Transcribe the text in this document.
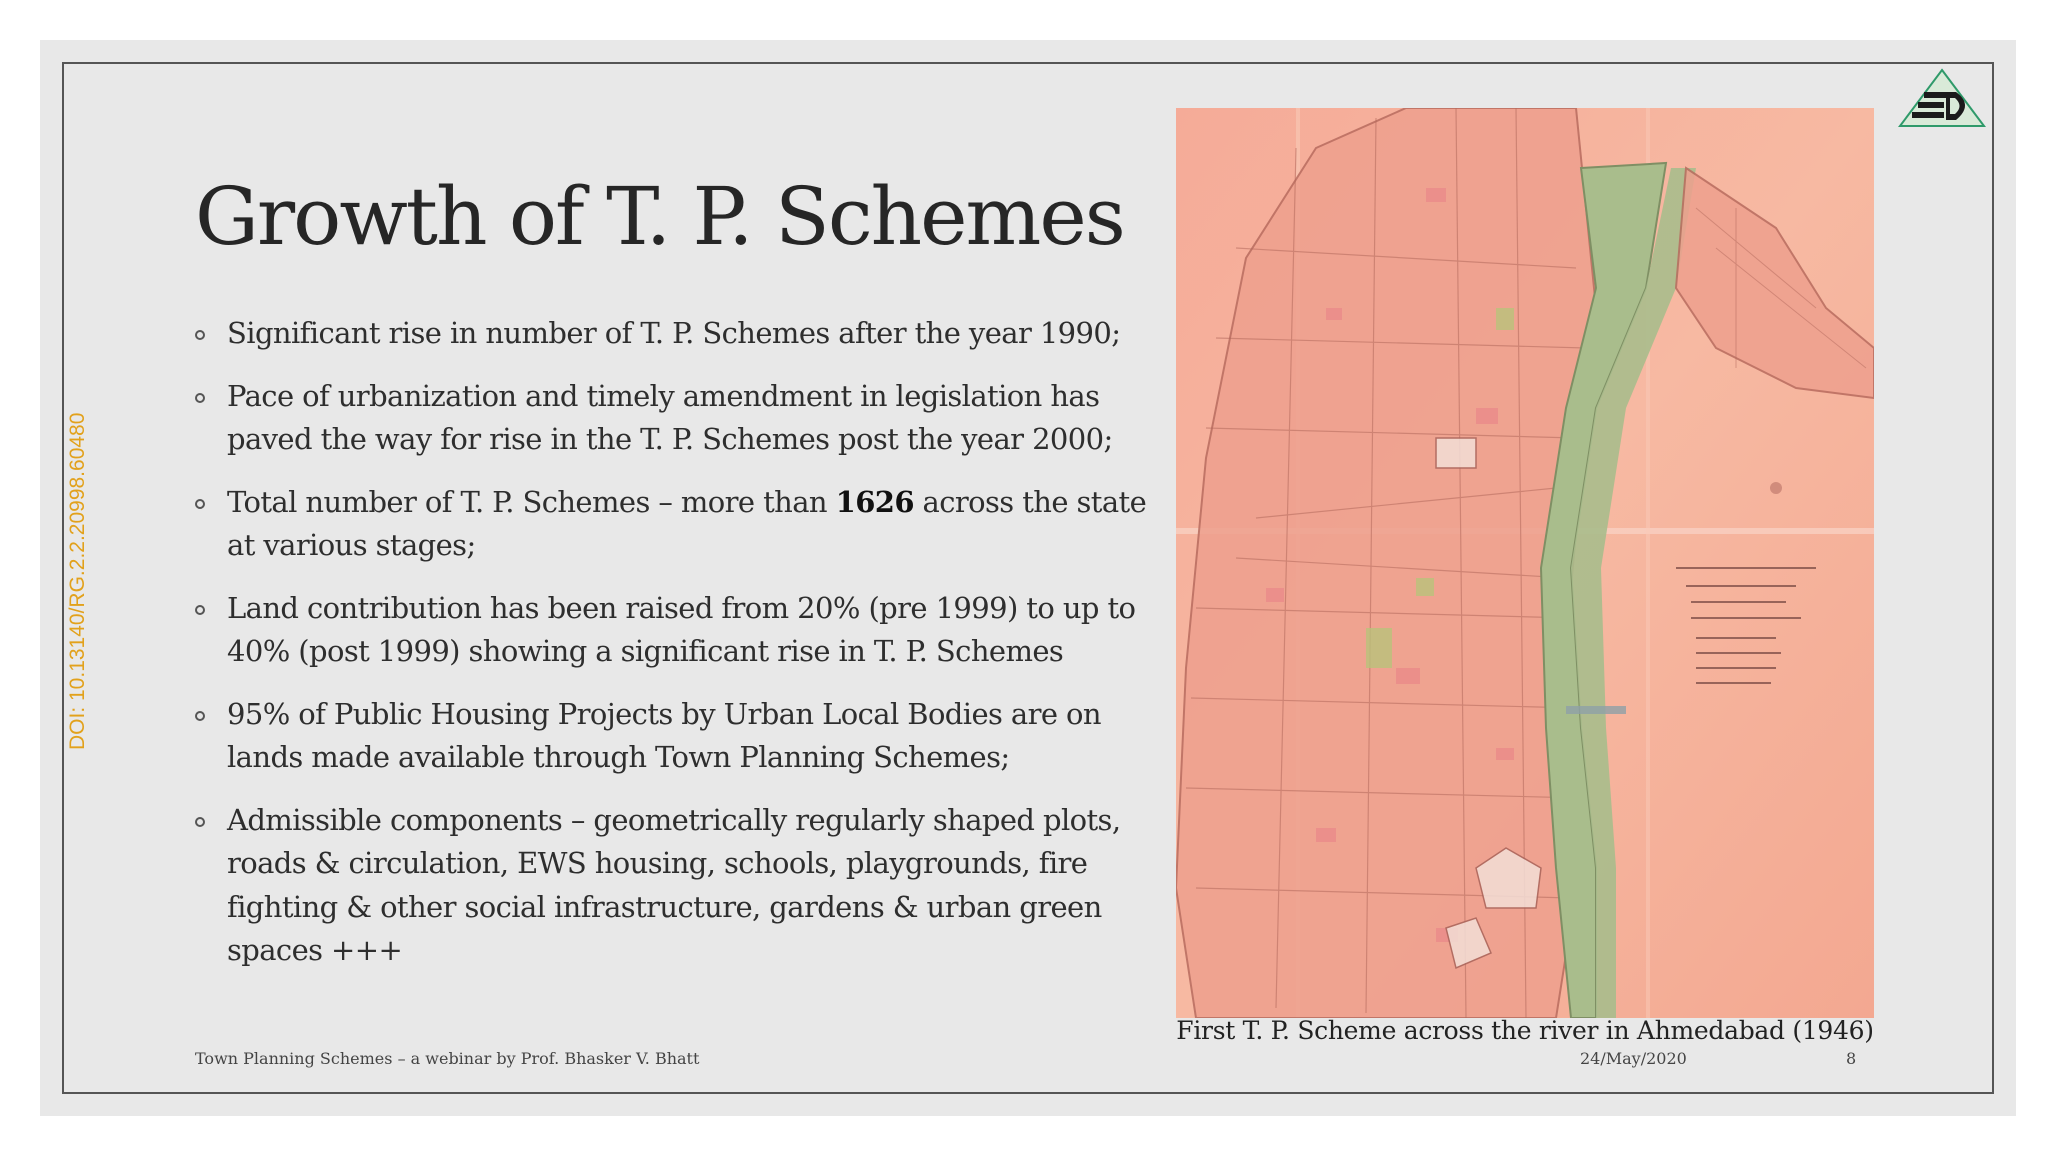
Growth of T. P. Schemes
Significant rise in number of T. P. Schemes after the year 1990;
Pace of urbanization and timely amendment in legislation has paved the way for rise in the T. P. Schemes post the year 2000;
Total number of T. P. Schemes – more than 1626 across the state at various stages;
Land contribution has been raised from 20% (pre 1999) to up to 40% (post 1999) showing a significant rise in T. P. Schemes
95% of Public Housing Projects by Urban Local Bodies are on lands made available through Town Planning Schemes;
Admissible components – geometrically regularly shaped plots, roads & circulation, EWS housing, schools, playgrounds, fire fighting & other social infrastructure, gardens & urban green spaces +++
DOI: 10.13140/RG.2.2.20998.60480
First T. P. Scheme across the river in Ahmedabad (1946)
Town Planning Schemes – a webinar by Prof. Bhasker V. Bhatt	24/May/2020	8
